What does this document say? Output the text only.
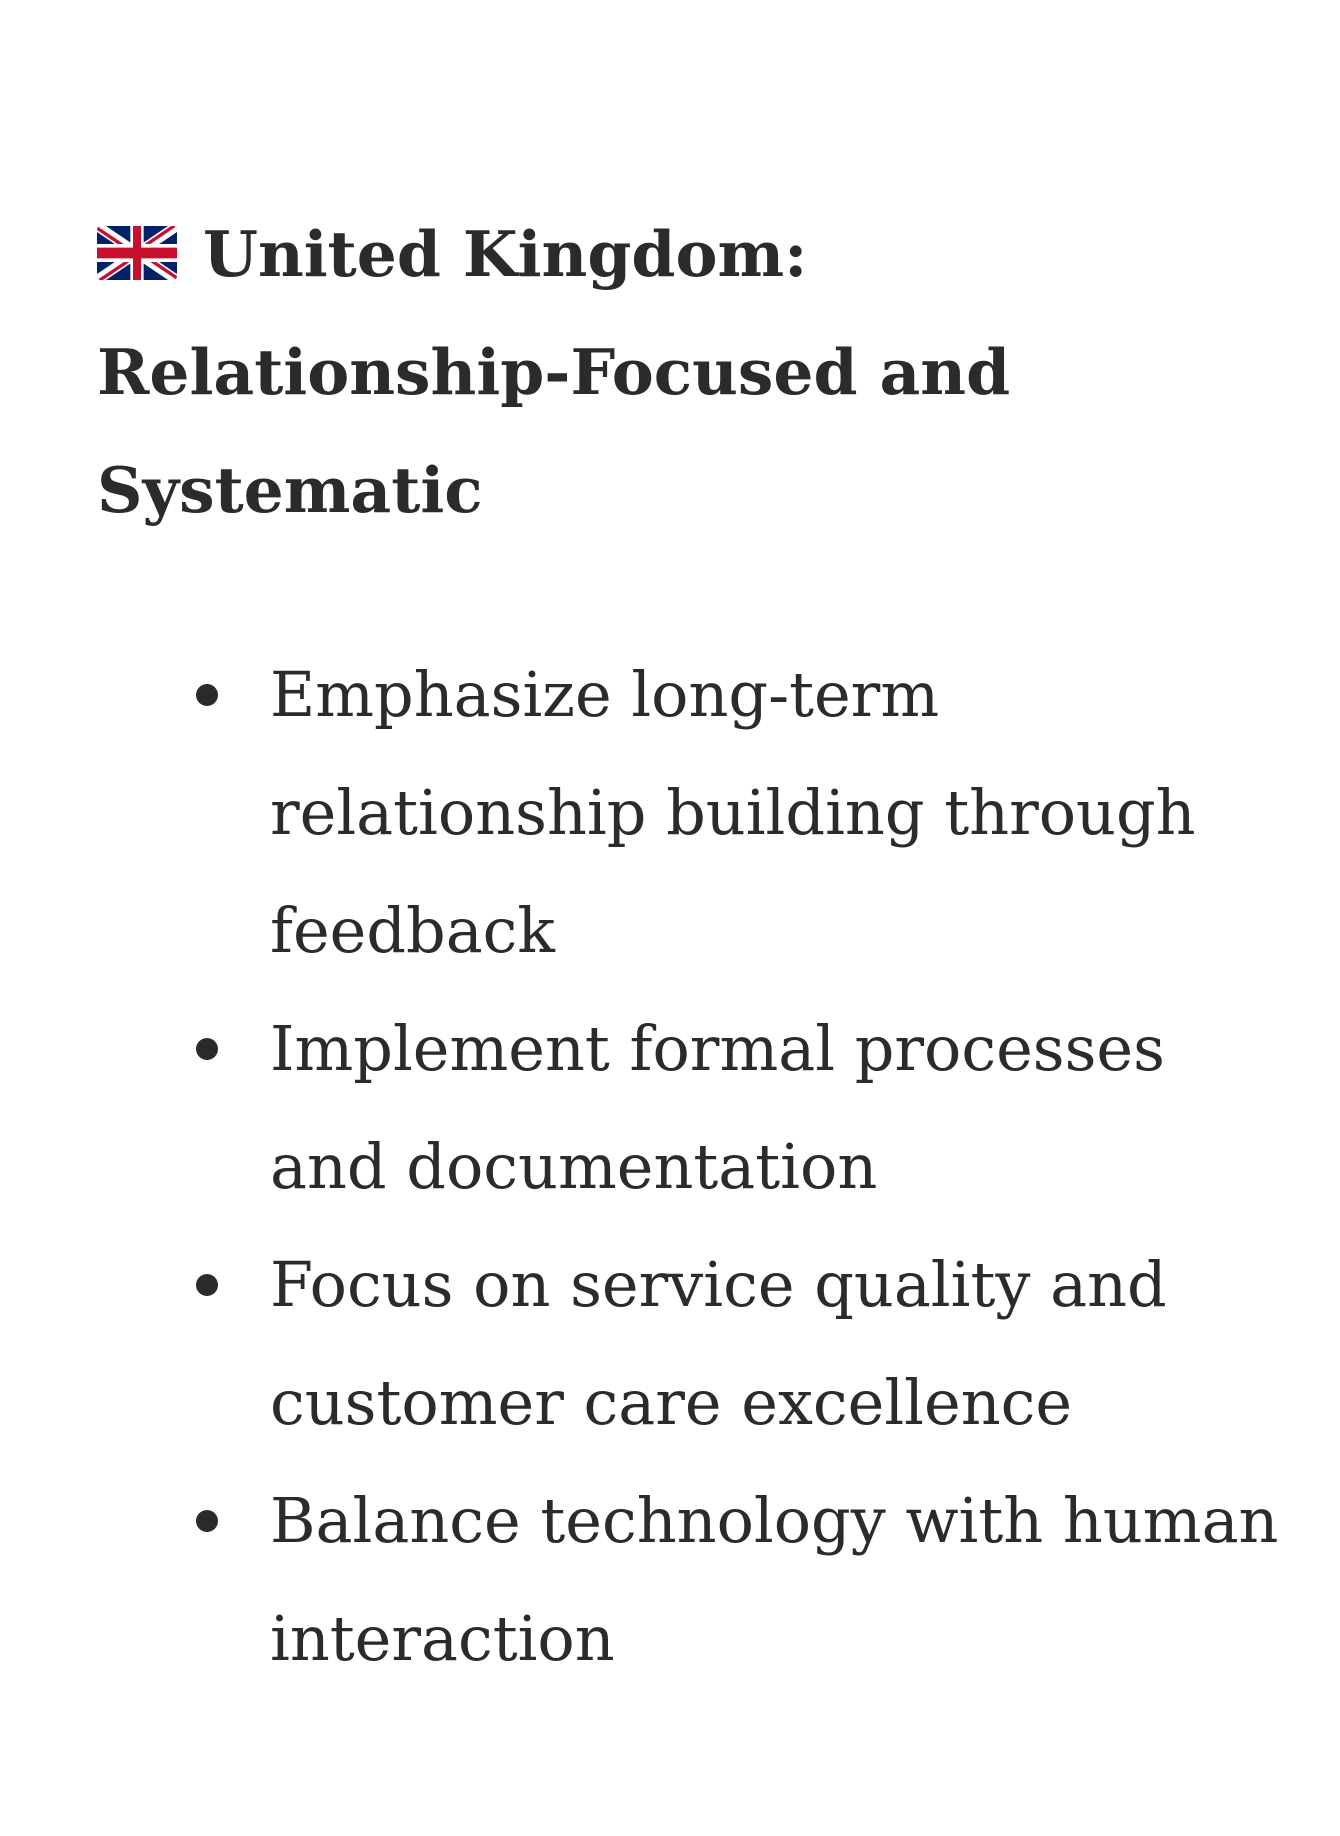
United Kingdom: Relationship-Focused and Systematic
Emphasize long-term relationship building through feedback
Implement formal processes and documentation
Focus on service quality and customer care excellence
Balance technology with human interaction
